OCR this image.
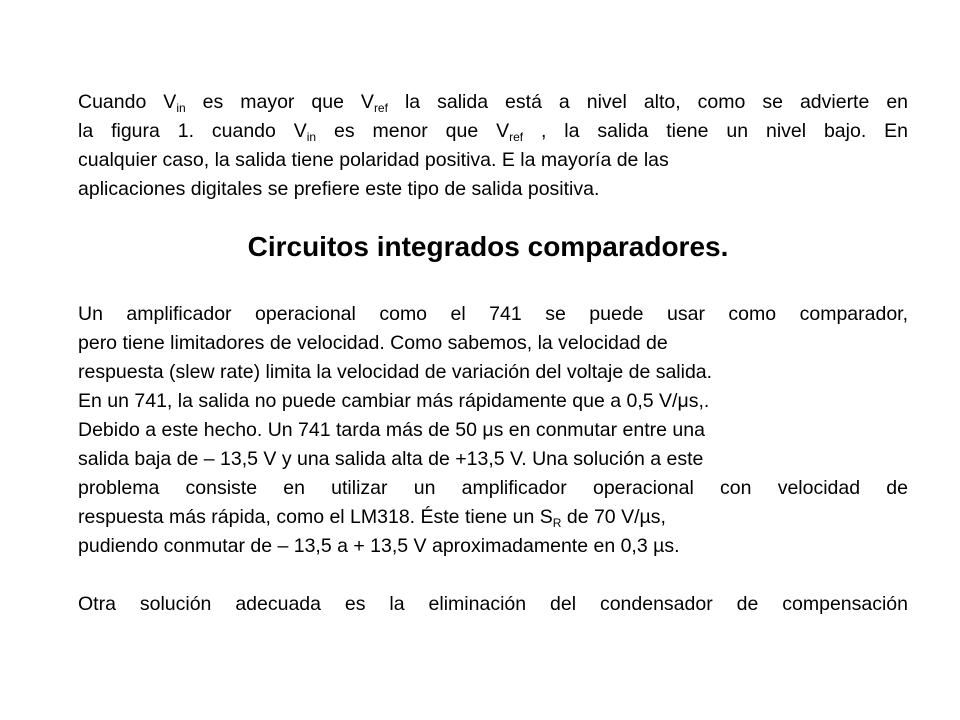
Cuando $V_{in}$ es mayor que $V_{ref}$ la salida está a nivel alto, como se advierte en
la figura 1. cuando $V_{in}$ es menor que $V_{ref}$ , la salida tiene un nivel bajo. En
cualquier caso, la salida tiene polaridad positiva. E la mayoría de las
aplicaciones digitales se prefiere este tipo de salida positiva.

Circuitos integrados comparadores.

Un amplificador operacional como el 741 se puede usar como comparador,
pero tiene limitadores de velocidad. Como sabemos, la velocidad de
respuesta (slew rate) limita la velocidad de variación del voltaje de salida.
En un 741, la salida no puede cambiar más rápidamente que a 0,5 V/μs,.
Debido a este hecho. Un 741 tarda más de 50 μs en conmutar entre una
salida baja de – 13,5 V y una salida alta de +13,5 V. Una solución a este
problema consiste en utilizar un amplificador operacional con velocidad de
respuesta más rápida, como el LM318. Éste tiene un $S_R$ de 70 V/µs,
pudiendo conmutar de – 13,5 a + 13,5 V aproximadamente en 0,3 µs.

Otra solución adecuada es la eliminación del condensador de compensación
